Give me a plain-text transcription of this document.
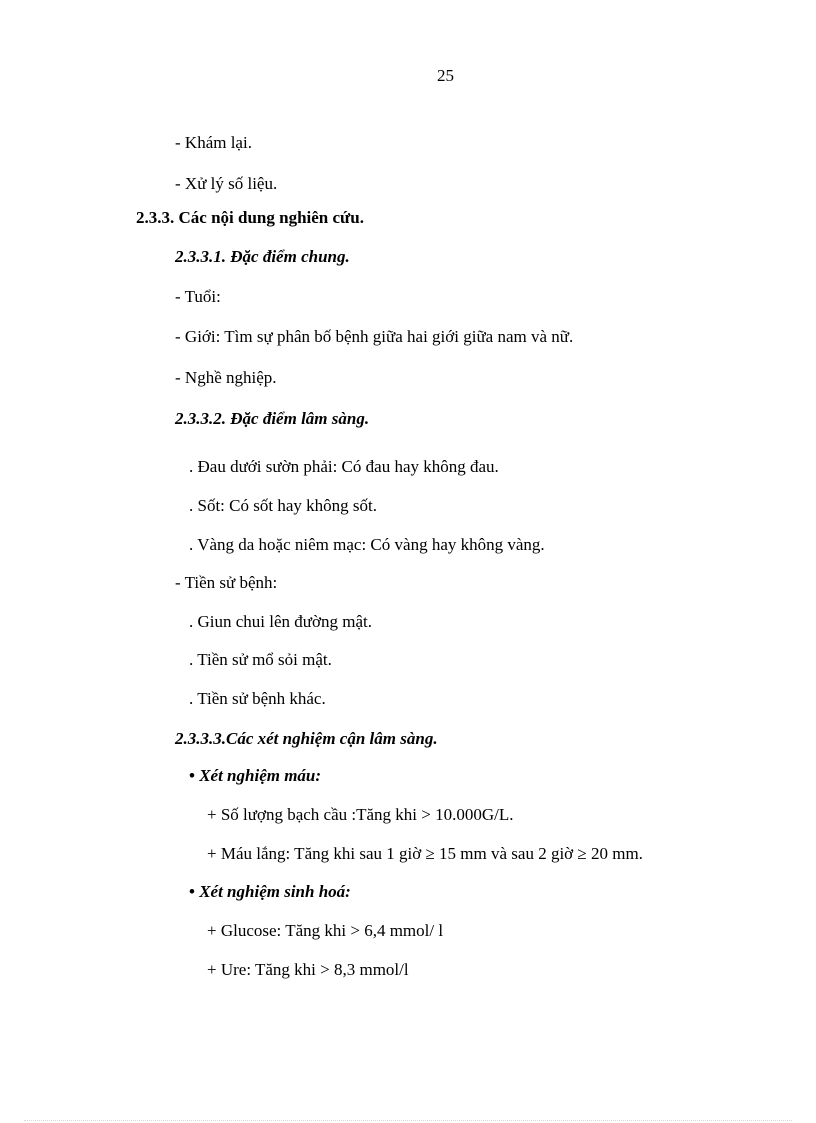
25
- Khám lại.
- Xử lý số liệu.
2.3.3. Các nội dung nghiên cứu.
2.3.3.1. Đặc điểm chung.
- Tuổi:
- Giới: Tìm sự phân bố bệnh giữa hai giới giữa nam và nữ.
- Nghề nghiệp.
2.3.3.2. Đặc điểm lâm sàng.
. Đau dưới sườn phải: Có đau hay không đau.
. Sốt: Có sốt hay không sốt.
. Vàng da hoặc niêm mạc: Có vàng hay không vàng.
- Tiền sử bệnh:
. Giun chui lên đường mật.
. Tiền sử mổ sỏi mật.
. Tiền sử bệnh khác.
2.3.3.3.Các xét nghiệm cận lâm sàng.
• Xét nghiệm máu:
+ Số lượng bạch cầu :Tăng khi > 10.000G/L.
+ Máu lắng: Tăng khi sau 1 giờ ≥ 15 mm và sau 2 giờ ≥ 20 mm.
• Xét nghiệm sinh hoá:
+ Glucose: Tăng khi > 6,4 mmol/ l
+ Ure: Tăng khi > 8,3 mmol/l
